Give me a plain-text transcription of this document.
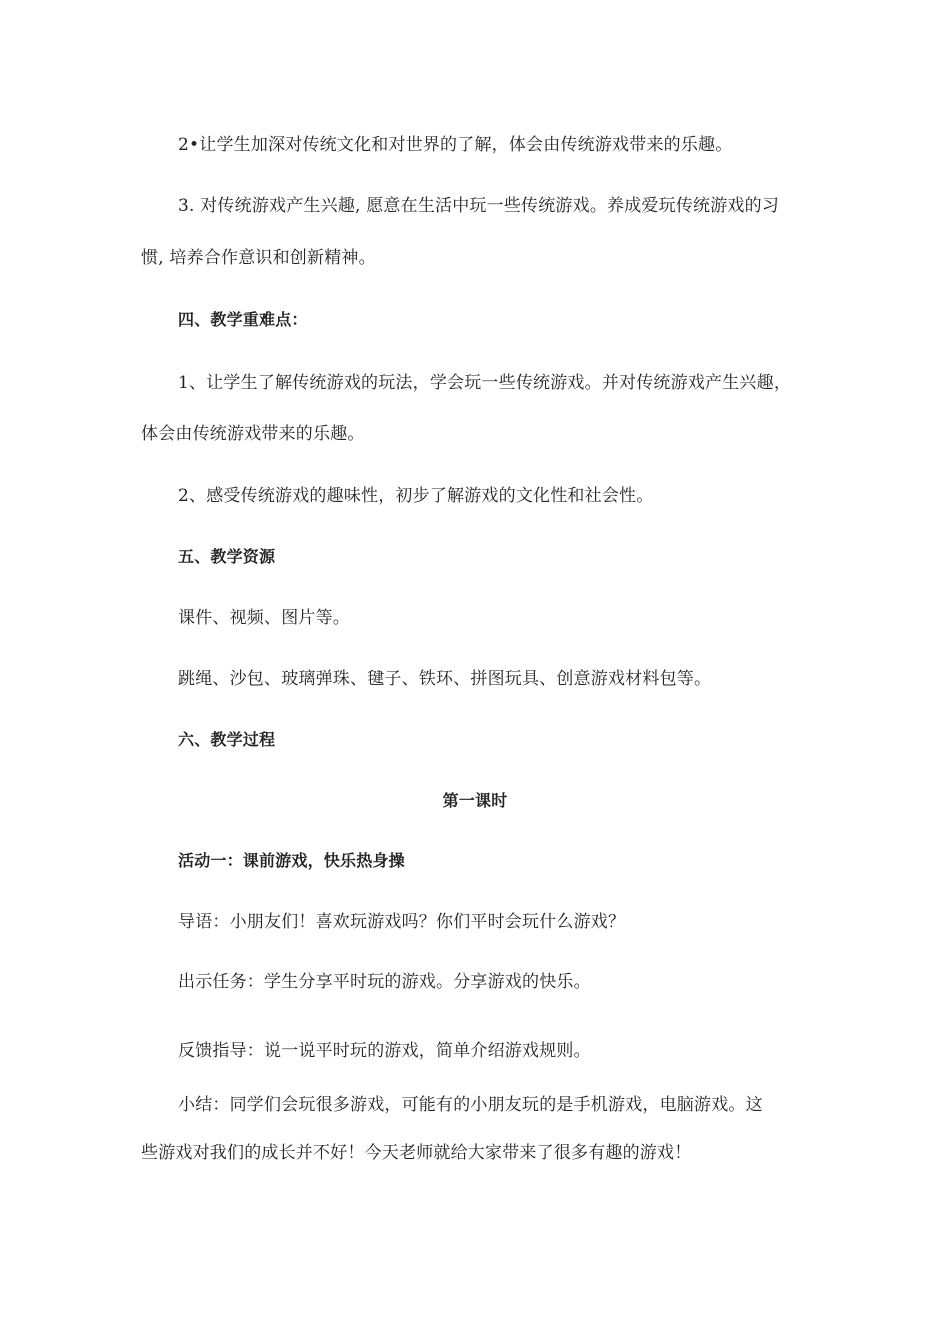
2•让学生加深对传统文化和对世界的了解，体会由传统游戏带来的乐趣。
3. 对传统游戏产生兴趣, 愿意在生活中玩一些传统游戏。养成爱玩传统游戏的习
惯, 培养合作意识和创新精神。
四、教学重难点：
1、让学生了解传统游戏的玩法，学会玩一些传统游戏。并对传统游戏产生兴趣，
体会由传统游戏带来的乐趣。
2、感受传统游戏的趣味性，初步了解游戏的文化性和社会性。
五、教学资源
课件、视频、图片等。
跳绳、沙包、玻璃弹珠、毽子、铁环、拼图玩具、创意游戏材料包等。
六、教学过程
第一课时
活动一：课前游戏，快乐热身操
导语：小朋友们！喜欢玩游戏吗？你们平时会玩什么游戏？
出示任务：学生分享平时玩的游戏。分享游戏的快乐。
反馈指导：说一说平时玩的游戏，简单介绍游戏规则。
小结：同学们会玩很多游戏，可能有的小朋友玩的是手机游戏，电脑游戏。这
些游戏对我们的成长并不好！今天老师就给大家带来了很多有趣的游戏！
